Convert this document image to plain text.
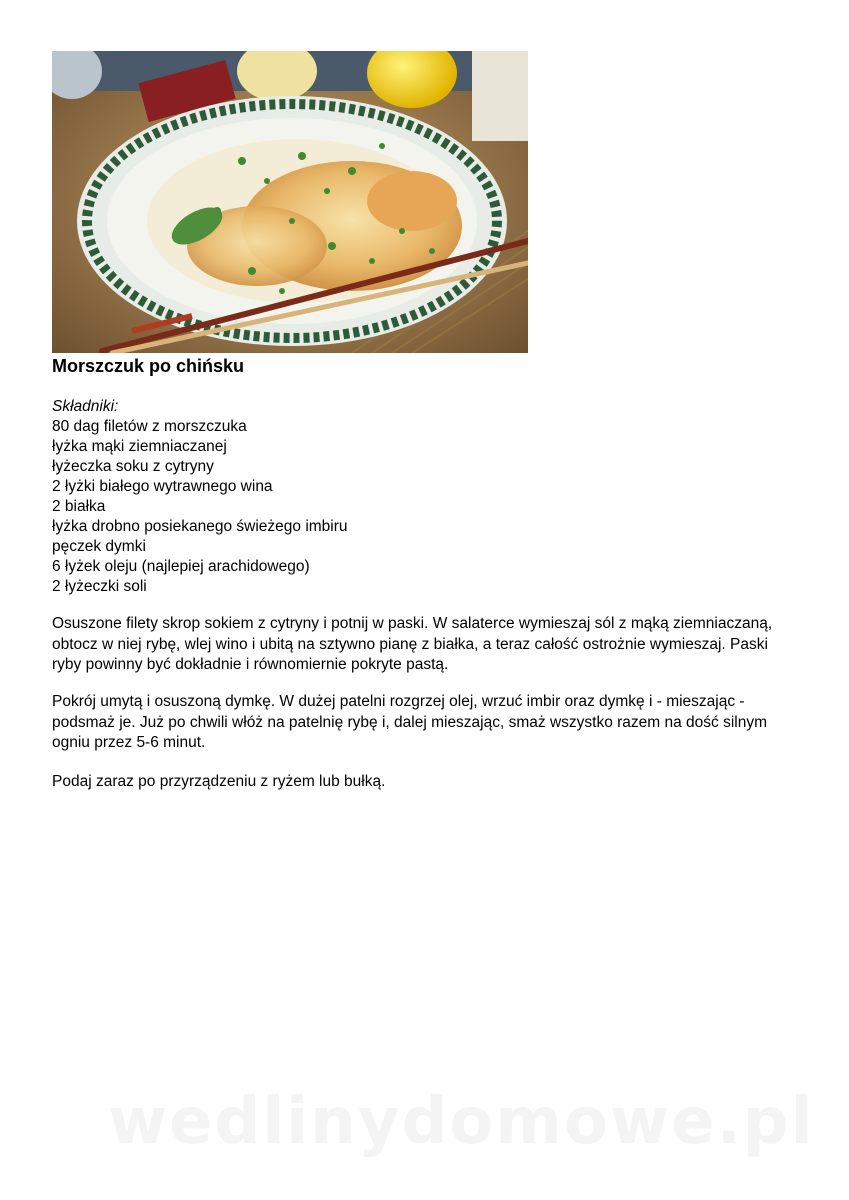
Morszczuk po chińsku
Składniki:
80 dag filetów z morszczuka
łyżka mąki ziemniaczanej
łyżeczka soku z cytryny
2 łyżki białego wytrawnego wina
2 białka
łyżka drobno posiekanego świeżego imbiru
pęczek dymki
6 łyżek oleju (najlepiej arachidowego)
2 łyżeczki soli

Osuszone filety skrop sokiem z cytryny i potnij w paski. W salaterce wymieszaj sól z mąką ziemniaczaną, obtocz w niej rybę, wlej wino i ubitą na sztywno pianę z białka, a teraz całość ostrożnie wymieszaj. Paski ryby powinny być dokładnie i równomiernie pokryte pastą.

Pokrój umytą i osuszoną dymkę. W dużej patelni rozgrzej olej, wrzuć imbir oraz dymkę i - mieszając - podsmaż je. Już po chwili włóż na patelnię rybę i, dalej mieszając, smaż wszystko razem na dość silnym ogniu przez 5-6 minut.

Podaj zaraz po przyrządzeniu z ryżem lub bułką.

wedlinydomowe.pl
